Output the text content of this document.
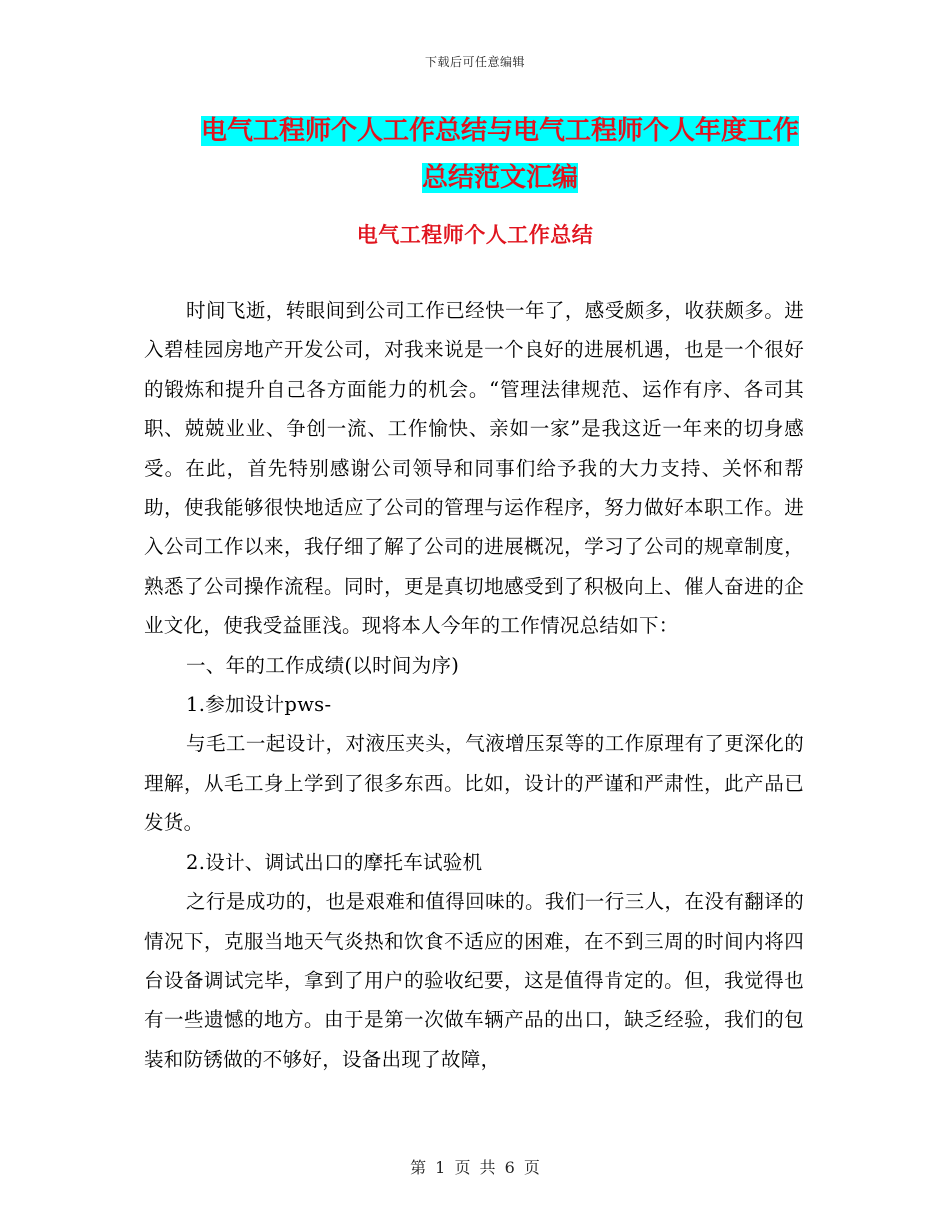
下载后可任意编辑
电气工程师个人工作总结与电气工程师个人年度工作
总结范文汇编
电气工程师个人工作总结

时间飞逝，转眼间到公司工作已经快一年了，感受颇多，收获颇多。进入碧桂园房地产开发公司，对我来说是一个良好的进展机遇，也是一个很好的锻炼和提升自己各方面能力的机会。“管理法律规范、运作有序、各司其职、兢兢业业、争创一流、工作愉快、亲如一家”是我这近一年来的切身感受。在此，首先特别感谢公司领导和同事们给予我的大力支持、关怀和帮助，使我能够很快地适应了公司的管理与运作程序，努力做好本职工作。进入公司工作以来，我仔细了解了公司的进展概况，学习了公司的规章制度，熟悉了公司操作流程。同时，更是真切地感受到了积极向上、催人奋进的企业文化，使我受益匪浅。现将本人今年的工作情况总结如下：

一、年的工作成绩(以时间为序)

1.参加设计pws-

与毛工一起设计，对液压夹头，气液增压泵等的工作原理有了更深化的理解，从毛工身上学到了很多东西。比如，设计的严谨和严肃性，此产品已发货。

2.设计、调试出口的摩托车试验机

之行是成功的，也是艰难和值得回味的。我们一行三人，在没有翻译的情况下，克服当地天气炎热和饮食不适应的困难，在不到三周的时间内将四台设备调试完毕，拿到了用户的验收纪要，这是值得肯定的。但，我觉得也有一些遗憾的地方。由于是第一次做车辆产品的出口，缺乏经验，我们的包装和防锈做的不够好，设备出现了故障，

第 1 页 共 6 页
